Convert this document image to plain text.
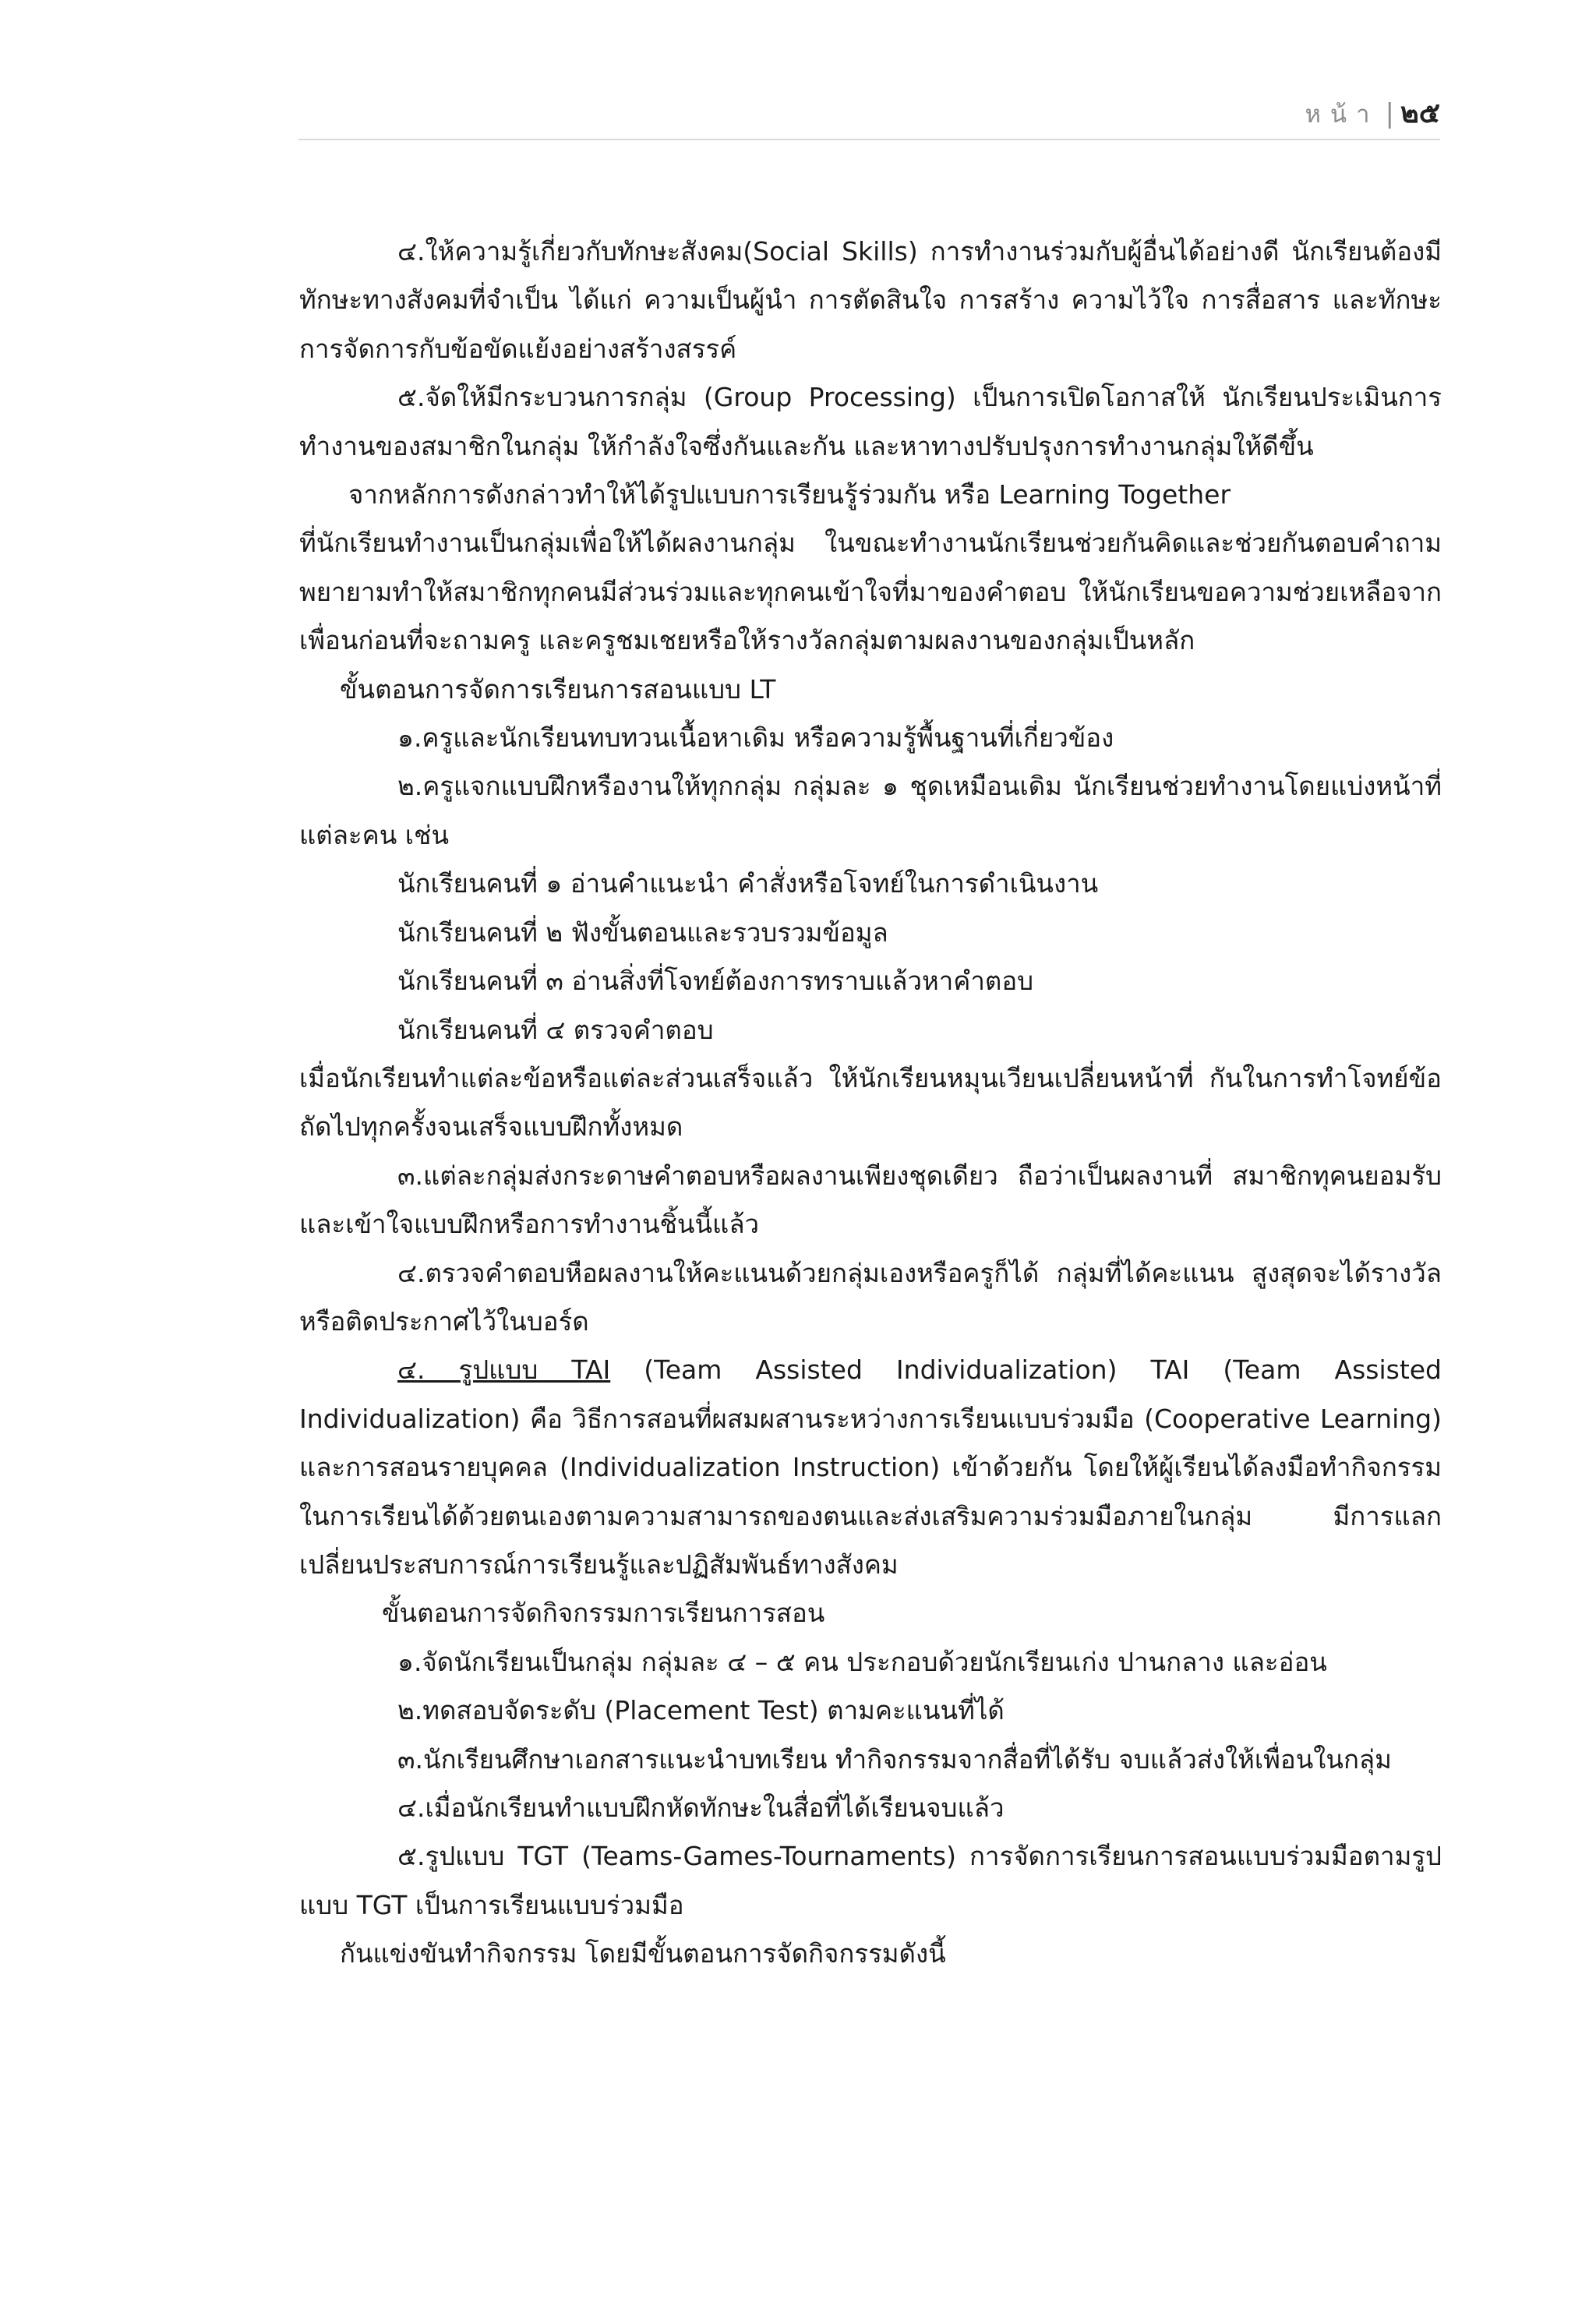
หน้า | ๒๕

๔.ให้ความรู้เกี่ยวกับทักษะสังคม(Social Skills) การทำงานร่วมกับผู้อื่นได้อย่างดี นักเรียนต้องมีทักษะทางสังคมที่จำเป็น ได้แก่ ความเป็นผู้นำ การตัดสินใจ การสร้าง ความไว้ใจ การสื่อสาร และทักษะการจัดการกับข้อขัดแย้งอย่างสร้างสรรค์

๕.จัดให้มีกระบวนการกลุ่ม (Group Processing) เป็นการเปิดโอกาสให้ นักเรียนประเมินการทำงานของสมาชิกในกลุ่ม ให้กำลังใจซึ่งกันและกัน และหาทางปรับปรุงการทำงานกลุ่มให้ดีขึ้น

จากหลักการดังกล่าวทำให้ได้รูปแบบการเรียนรู้ร่วมกัน หรือ Learning Together

ที่นักเรียนทำงานเป็นกลุ่มเพื่อให้ได้ผลงานกลุ่ม ในขณะทำงานนักเรียนช่วยกันคิดและช่วยกันตอบคำถาม พยายามทำให้สมาชิกทุกคนมีส่วนร่วมและทุกคนเข้าใจที่มาของคำตอบ ให้นักเรียนขอความช่วยเหลือจากเพื่อนก่อนที่จะถามครู และครูชมเชยหรือให้รางวัลกลุ่มตามผลงานของกลุ่มเป็นหลัก

ขั้นตอนการจัดการเรียนการสอนแบบ LT

๑.ครูและนักเรียนทบทวนเนื้อหาเดิม หรือความรู้พื้นฐานที่เกี่ยวข้อง

๒.ครูแจกแบบฝึกหรืองานให้ทุกกลุ่ม กลุ่มละ ๑ ชุดเหมือนเดิม นักเรียนช่วยทำงานโดยแบ่งหน้าที่แต่ละคน เช่น

นักเรียนคนที่ ๑ อ่านคำแนะนำ คำสั่งหรือโจทย์ในการดำเนินงาน

นักเรียนคนที่ ๒ ฟังขั้นตอนและรวบรวมข้อมูล

นักเรียนคนที่ ๓ อ่านสิ่งที่โจทย์ต้องการทราบแล้วหาคำตอบ

นักเรียนคนที่ ๔ ตรวจคำตอบ

เมื่อนักเรียนทำแต่ละข้อหรือแต่ละส่วนเสร็จแล้ว ให้นักเรียนหมุนเวียนเปลี่ยนหน้าที่ กันในการทำโจทย์ข้อถัดไปทุกครั้งจนเสร็จแบบฝึกทั้งหมด

๓.แต่ละกลุ่มส่งกระดาษคำตอบหรือผลงานเพียงชุดเดียว ถือว่าเป็นผลงานที่ สมาชิกทุคนยอมรับ และเข้าใจแบบฝึกหรือการทำงานชิ้นนี้แล้ว

๔.ตรวจคำตอบหือผลงานให้คะแนนด้วยกลุ่มเองหรือครูก็ได้ กลุ่มที่ได้คะแนน สูงสุดจะได้รางวัลหรือติดประกาศไว้ในบอร์ด

๔. รูปแบบ TAI (Team Assisted Individualization) TAI (Team Assisted Individualization) คือ วิธีการสอนที่ผสมผสานระหว่างการเรียนแบบร่วมมือ (Cooperative Learning) และการสอนรายบุคคล (Individualization Instruction) เข้าด้วยกัน โดยให้ผู้เรียนได้ลงมือทำกิจกรรมในการเรียนได้ด้วยตนเองตามความสามารถของตนและส่งเสริมความร่วมมือภายในกลุ่ม มีการแลกเปลี่ยนประสบการณ์การเรียนรู้และปฏิสัมพันธ์ทางสังคม

ขั้นตอนการจัดกิจกรรมการเรียนการสอน

๑.จัดนักเรียนเป็นกลุ่ม กลุ่มละ ๔ – ๕ คน ประกอบด้วยนักเรียนเก่ง ปานกลาง และอ่อน

๒.ทดสอบจัดระดับ (Placement Test) ตามคะแนนที่ได้

๓.นักเรียนศึกษาเอกสารแนะนำบทเรียน ทำกิจกรรมจากสื่อที่ได้รับ จบแล้วส่งให้เพื่อนในกลุ่ม

๔.เมื่อนักเรียนทำแบบฝึกหัดทักษะในสื่อที่ได้เรียนจบแล้ว

๕.รูปแบบ TGT (Teams-Games-Tournaments) การจัดการเรียนการสอนแบบร่วมมือตามรูปแบบ TGT เป็นการเรียนแบบร่วมมือ

กันแข่งขันทำกิจกรรม โดยมีขั้นตอนการจัดกิจกรรมดังนี้
